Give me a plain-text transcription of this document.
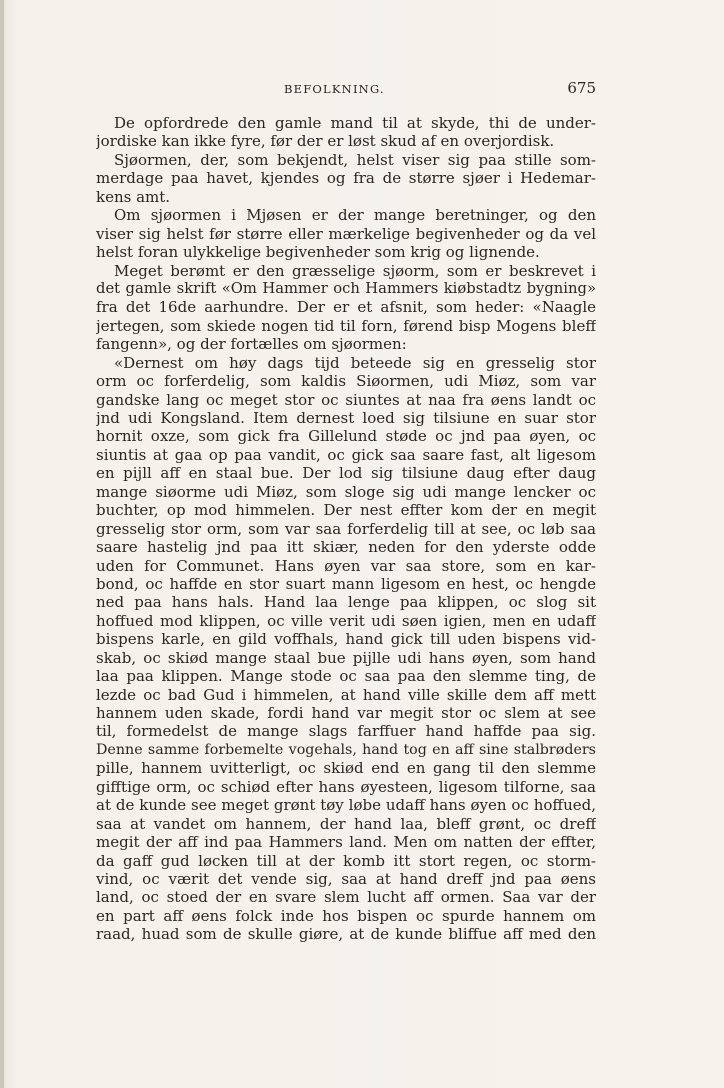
BEFOLKNING.	675
De opfordrede den gamle mand til at skyde, thi de under-
jordiske kan ikke fyre, før der er løst skud af en overjordisk.
Sjøormen, der, som bekjendt, helst viser sig paa stille som-
merdage paa havet, kjendes og fra de større sjøer i Hedemar-
kens amt.
Om sjøormen i Mjøsen er der mange beretninger, og den
viser sig helst før større eller mærkelige begivenheder og da vel
helst foran ulykkelige begivenheder som krig og lignende.
Meget berømt er den græsselige sjøorm, som er beskrevet i
det gamle skrift «Om Hammer och Hammers kiøbstadtz bygning»
fra det 16de aarhundre. Der er et afsnit, som heder: «Naagle
jertegen, som skiede nogen tid til forn, førend bisp Mogens bleff
fangenn», og der fortælles om sjøormen:
«Dernest om høy dags tijd beteede sig en gresselig stor
orm oc forferdelig, som kaldis Siøormen, udi Miøz, som var
gandske lang oc meget stor oc siuntes at naa fra øens landt oc
jnd udi Kongsland. Item dernest loed sig tilsiune en suar stor
hornit oxze, som gick fra Gillelund støde oc jnd paa øyen, oc
siuntis at gaa op paa vandit, oc gick saa saare fast, alt ligesom
en pijll aff en staal bue. Der lod sig tilsiune daug efter daug
mange siøorme udi Miøz, som sloge sig udi mange lencker oc
buchter, op mod himmelen. Der nest effter kom der en megit
gresselig stor orm, som var saa forferdelig till at see, oc løb saa
saare hastelig jnd paa itt skiær, neden for den yderste odde
uden for Communet. Hans øyen var saa store, som en kar-
bond, oc haffde en stor suart mann ligesom en hest, oc hengde
ned paa hans hals. Hand laa lenge paa klippen, oc slog sit
hoffued mod klippen, oc ville verit udi søen igien, men en udaff
bispens karle, en gild voffhals, hand gick till uden bispens vid-
skab, oc skiød mange staal bue pijlle udi hans øyen, som hand
laa paa klippen. Mange stode oc saa paa den slemme ting, de
lezde oc bad Gud i himmelen, at hand ville skille dem aff mett
hannem uden skade, fordi hand var megit stor oc slem at see
til, formedelst de mange slags farffuer hand haffde paa sig.
Denne samme forbemelte vogehals, hand tog en aff sine stalbrøders
pille, hannem uvitterligt, oc skiød end en gang til den slemme
gifftige orm, oc schiød efter hans øyesteen, ligesom tilforne, saa
at de kunde see meget grønt tøy løbe udaff hans øyen oc hoffued,
saa at vandet om hannem, der hand laa, bleff grønt, oc dreff
megit der aff ind paa Hammers land. Men om natten der effter,
da gaff gud løcken till at der komb itt stort regen, oc storm-
vind, oc værit det vende sig, saa at hand dreff jnd paa øens
land, oc stoed der en svare slem lucht aff ormen. Saa var der
en part aff øens folck inde hos bispen oc spurde hannem om
raad, huad som de skulle giøre, at de kunde bliffue aff med den
